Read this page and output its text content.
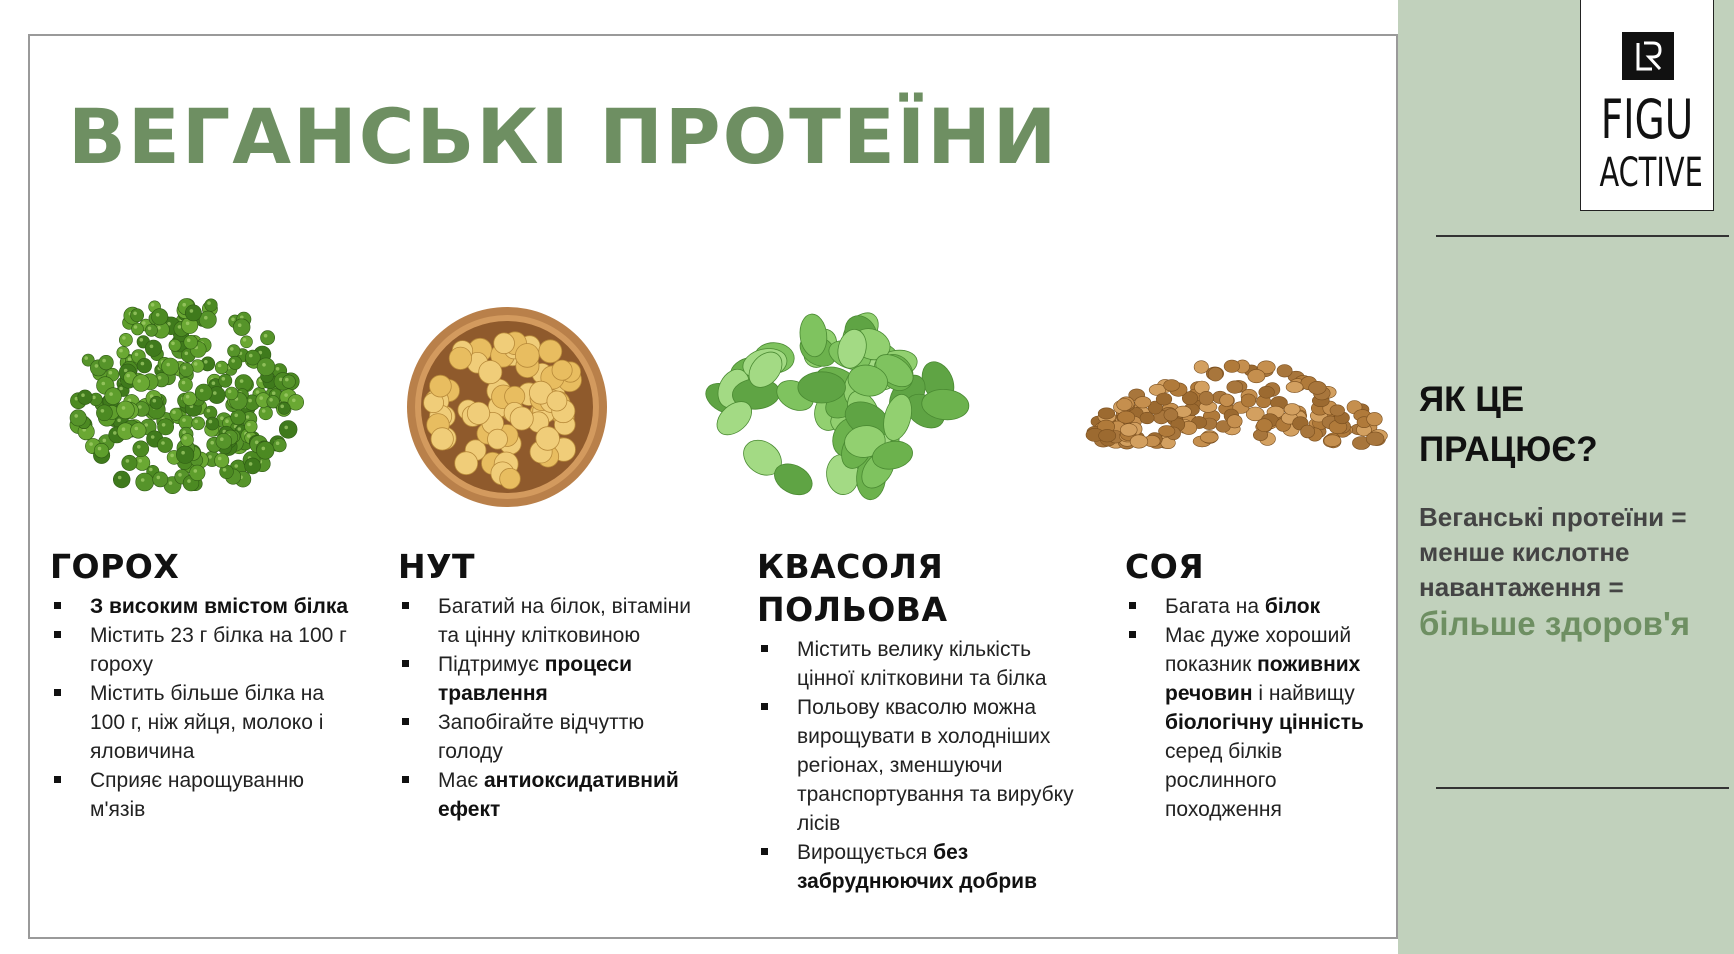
ВЕГАНСЬКІ ПРОТЕЇНИ	FIGU
ACTIVE
ЯК ЦЕ
ПРАЦЮЄ?
Веганські протеїни =
менше кислотне
навантаження =
більше здоров'я
ГОРОХ
З високим вмістом білка
Містить 23 г білка на 100 г гороху
Містить більше білка на 100 г, ніж яйця, молоко і яловичина
Сприяє нарощуванню м'язів
НУТ
Багатий на білок, вітаміни та цінну клітковиною
Підтримує процеси травлення
Запобігайте відчуттю голоду
Має антиоксидативний ефект
КВАСОЛЯ ПОЛЬОВА
Містить велику кількість цінної клітковини та білка
Польову квасолю можна вирощувати в холодніших регіонах, зменшуючи транспортування та вирубку лісів
Вирощується без забруднюючих добрив
СОЯ
Багата на білок
Має дуже хороший показник поживних речовин і найвищу біологічну цінність серед білків рослинного походження
